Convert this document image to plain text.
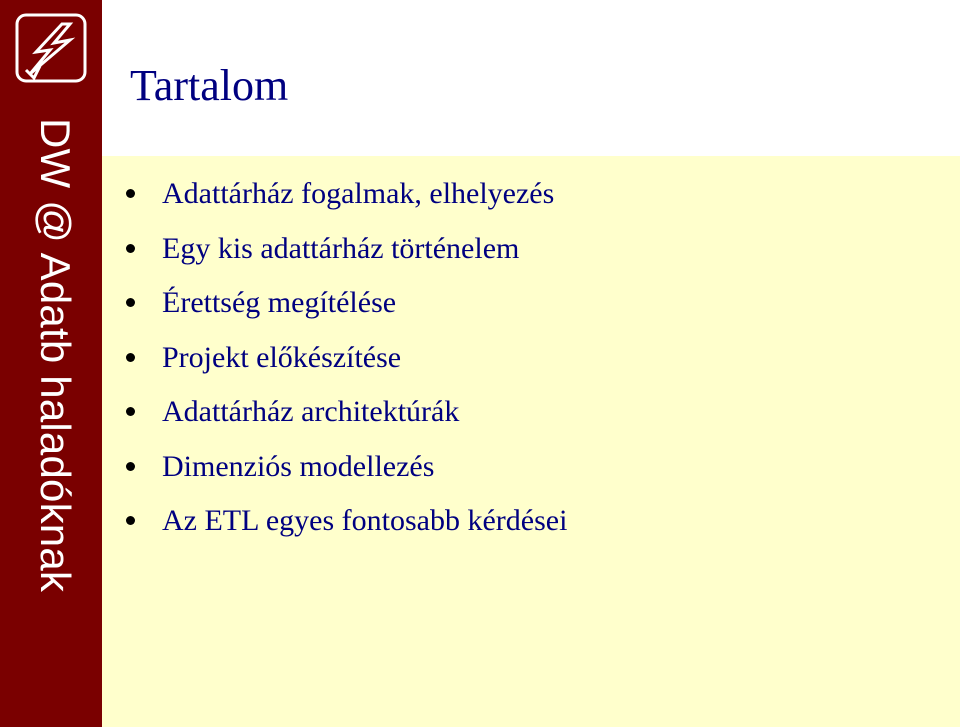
DW @ Adatb haladóknak
Tartalom
Adattárház fogalmak, elhelyezés
Egy kis adattárház történelem
Érettség megítélése
Projekt előkészítése
Adattárház architektúrák
Dimenziós modellezés
Az ETL egyes fontosabb kérdései
